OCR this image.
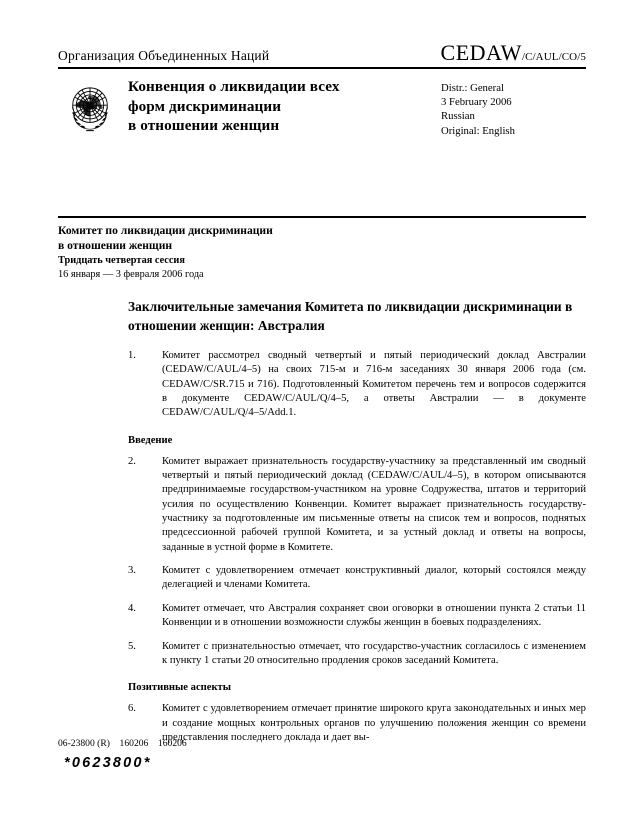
Организация Объединенных Наций	CEDAW /C/AUL/CO/5
Конвенция о ликвидации всех
форм дискриминации
в отношении женщин
Distr.: General
3 February 2006
Russian
Original: English
Комитет по ликвидации дискриминации
в отношении женщин
Тридцать четвертая сессия
16 января — 3 февраля 2006 года
Заключительные замечания Комитета по ликвидации дискриминации в отношении женщин: Австралия
1.	Комитет рассмотрел сводный четвертый и пятый периодический доклад Австралии (CEDAW/C/AUL/4–5) на своих 715-м и 716-м заседаниях 30 января 2006 года (см. CEDAW/C/SR.715 и 716). Подготовленный Комитетом перечень тем и вопросов содержится в документе CEDAW/C/AUL/Q/4–5, а ответы Австралии — в документе CEDAW/C/AUL/Q/4–5/Add.1.
Введение
2.	Комитет выражает признательность государству-участнику за представленный им сводный четвертый и пятый периодический доклад (CEDAW/C/AUL/4–5), в котором описываются предпринимаемые государством-участником на уровне Содружества, штатов и территорий усилия по осуществлению Конвенции. Комитет выражает признательность государству-участнику за подготовленные им письменные ответы на список тем и вопросов, поднятых предсессионной рабочей группой Комитета, и за устный доклад и ответы на вопросы, заданные в устной форме в Комитете.
3.	Комитет с удовлетворением отмечает конструктивный диалог, который состоялся между делегацией и членами Комитета.
4.	Комитет отмечает, что Австралия сохраняет свои оговорки в отношении пункта 2 статьи 11 Конвенции и в отношении возможности службы женщин в боевых подразделениях.
5.	Комитет с признательностью отмечает, что государство-участник согласилось с изменением к пункту 1 статьи 20 относительно продления сроков заседаний Комитета.
Позитивные аспекты
6.	Комитет с удовлетворением отмечает принятие широкого круга законодательных и иных мер и создание мощных контрольных органов по улучшению положения женщин со времени представления последнего доклада и дает вы-
06-23800 (R)    160206    160206
*0623800*
